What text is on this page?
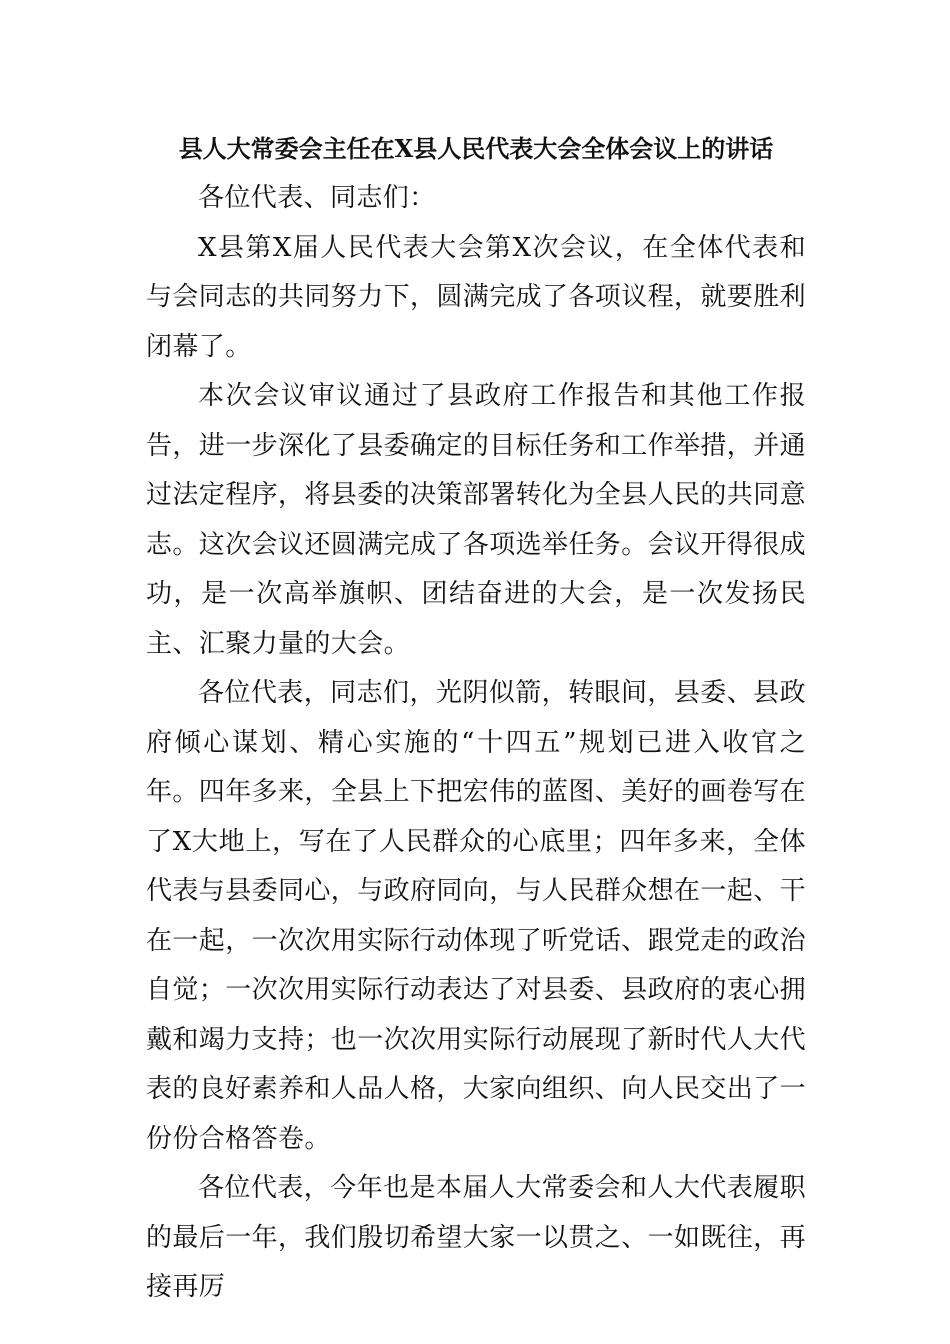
县人大常委会主任在X县人民代表大会全体会议上的讲话

各位代表、同志们：

X县第X届人民代表大会第X次会议，在全体代表和与会同志的共同努力下，圆满完成了各项议程，就要胜利闭幕了。

本次会议审议通过了县政府工作报告和其他工作报告，进一步深化了县委确定的目标任务和工作举措，并通过法定程序，将县委的决策部署转化为全县人民的共同意志。这次会议还圆满完成了各项选举任务。会议开得很成功，是一次高举旗帜、团结奋进的大会，是一次发扬民主、汇聚力量的大会。

各位代表，同志们，光阴似箭，转眼间，县委、县政府倾心谋划、精心实施的“十四五”规划已进入收官之年。四年多来，全县上下把宏伟的蓝图、美好的画卷写在了X大地上，写在了人民群众的心底里；四年多来，全体代表与县委同心，与政府同向，与人民群众想在一起、干在一起，一次次用实际行动体现了听党话、跟党走的政治自觉；一次次用实际行动表达了对县委、县政府的衷心拥戴和竭力支持；也一次次用实际行动展现了新时代人大代表的良好素养和人品人格，大家向组织、向人民交出了一份份合格答卷。

各位代表，今年也是本届人大常委会和人大代表履职的最后一年，我们殷切希望大家一以贯之、一如既往，再接再厉
